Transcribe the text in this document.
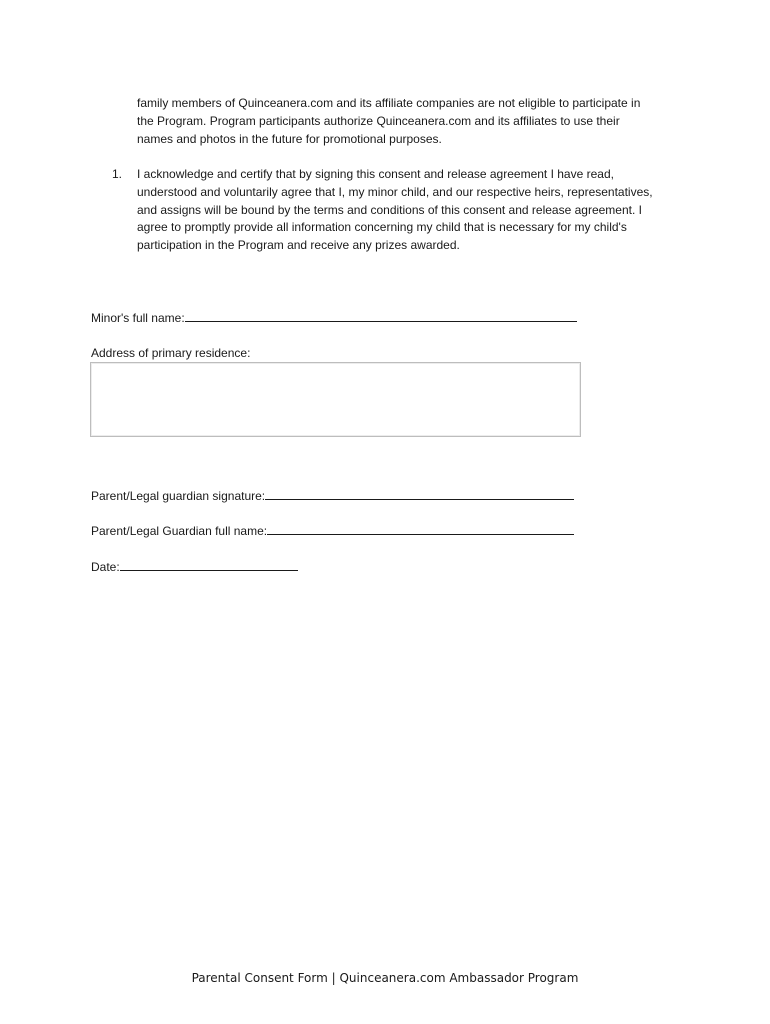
family members of Quinceanera.com and its affiliate companies are not eligible to participate in
the Program. Program participants authorize Quinceanera.com and its affiliates to use their
names and photos in the future for promotional purposes.
1. I acknowledge and certify that by signing this consent and release agreement I have read,
understood and voluntarily agree that I, my minor child, and our respective heirs, representatives,
and assigns will be bound by the terms and conditions of this consent and release agreement. I
agree to promptly provide all information concerning my child that is necessary for my child's
participation in the Program and receive any prizes awarded.
Minor's full name:
Address of primary residence:
Parent/Legal guardian signature:
Parent/Legal Guardian full name:
Date:
Parental Consent Form | Quinceanera.com Ambassador Program
